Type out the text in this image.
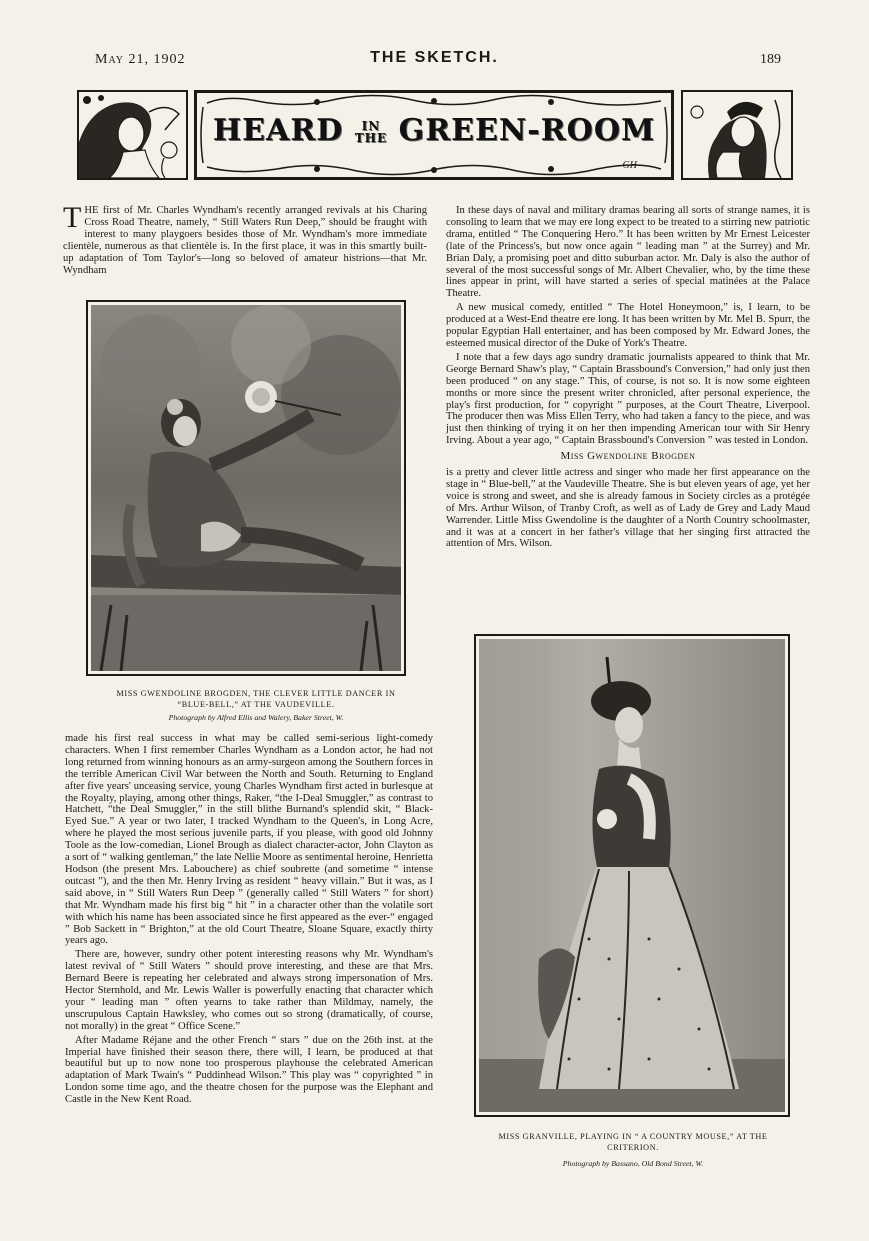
May 21, 1902	THE SKETCH.	189
HEARD IN
THE GREEN-ROOM
GH

THE first of Mr. Charles Wyndham's recently arranged revivals at his Charing Cross Road Theatre, namely, “ Still Waters Run Deep,” should be fraught with interest to many playgoers besides those of Mr. Wyndham's more immediate clientèle, numerous as that clientèle is. In the first place, it was in this smartly built-up adaptation of Tom Taylor's—long so beloved of amateur histrions—that Mr. Wyndham

MISS GWENDOLINE BROGDEN, THE CLEVER LITTLE DANCER IN
“BLUE-BELL,” AT THE VAUDEVILLE.
Photograph by Alfred Ellis and Walery, Baker Street, W.

made his first real success in what may be called semi-serious light-comedy characters. When I first remember Charles Wyndham as a London actor, he had not long returned from winning honours as an army-surgeon among the Southern forces in the terrible American Civil War between the North and South. Returning to England after five years' unceasing service, young Charles Wyndham first acted in burlesque at the Royalty, playing, among other things, Raker, “the I-Deal Smuggler,” as contrast to Hatchett, “the Deal Smuggler,” in the still blithe Burnand's splendid skit, “ Black-Eyed Sue.” A year or two later, I tracked Wyndham to the Queen's, in Long Acre, where he played the most serious juvenile parts, if you please, with good old Johnny Toole as the low-comedian, Lionel Brough as dialect character-actor, John Clayton as a sort of “ walking gentleman,” the late Nellie Moore as sentimental heroine, Henrietta Hodson (the present Mrs. Labouchere) as chief soubrette (and sometime “ intense outcast ”), and the then Mr. Henry Irving as resident “ heavy villain.” But it was, as I said above, in “ Still Waters Run Deep ” (generally called “ Still Waters ” for short) that Mr. Wyndham made his first big “ hit ” in a character other than the volatile sort with which his name has been associated since he first appeared as the ever-“ engaged ” Bob Sackett in “ Brighton,” at the old Court Theatre, Sloane Square, exactly thirty years ago.

There are, however, sundry other potent interesting reasons why Mr. Wyndham's latest revival of “ Still Waters ” should prove interesting, and these are that Mrs. Bernard Beere is repeating her celebrated and always strong impersonation of Mrs. Hector Sternhold, and Mr. Lewis Waller is powerfully enacting that character which your “ leading man ” often yearns to take rather than Mildmay, namely, the unscrupulous Captain Hawksley, who comes out so strong (dramatically, of course, not morally) in the great “ Office Scene.”

After Madame Réjane and the other French “ stars ” due on the 26th inst. at the Imperial have finished their season there, there will, I learn, be produced at that beautiful but up to now none too prosperous playhouse the celebrated American adaptation of Mark Twain's “ Puddinhead Wilson.” This play was “ copyrighted ” in London some time ago, and the theatre chosen for the purpose was the Elephant and Castle in the New Kent Road.

In these days of naval and military dramas bearing all sorts of strange names, it is consoling to learn that we may ere long expect to be treated to a stirring new patriotic drama, entitled “ The Conquering Hero.” It has been written by Mr Ernest Leicester (late of the Princess's, but now once again “ leading man ” at the Surrey) and Mr. Brian Daly, a promising poet and ditto suburban actor. Mr. Daly is also the author of several of the most successful songs of Mr. Albert Chevalier, who, by the time these lines appear in print, will have started a series of special matinées at the Palace Theatre.

A new musical comedy, entitled “ The Hotel Honeymoon,” is, I learn, to be produced at a West-End theatre ere long. It has been written by Mr. Mel B. Spurr, the popular Egyptian Hall entertainer, and has been composed by Mr. Edward Jones, the esteemed musical director of the Duke of York's Theatre.

I note that a few days ago sundry dramatic journalists appeared to think that Mr. George Bernard Shaw's play, “ Captain Brassbound's Conversion,” had only just then been produced “ on any stage.” This, of course, is not so. It is now some eighteen months or more since the present writer chronicled, after personal experience, the play's first production, for “ copyright ” purposes, at the Court Theatre, Liverpool. The producer then was Miss Ellen Terry, who had taken a fancy to the piece, and was just then thinking of trying it on her then impending American tour with Sir Henry Irving. About a year ago, “ Captain Brassbound's Conversion ” was tested in London.

Miss Gwendoline Brogden

is a pretty and clever little actress and singer who made her first appearance on the stage in “ Blue-bell,” at the Vaudeville Theatre. She is but eleven years of age, yet her voice is strong and sweet, and she is already famous in Society circles as a protégée of Mrs. Arthur Wilson, of Tranby Croft, as well as of Lady de Grey and Lady Maud Warrender. Little Miss Gwendoline is the daughter of a North Country schoolmaster, and it was at a concert in her father's village that her singing first attracted the attention of Mrs. Wilson.

MISS GRANVILLE, PLAYING IN “ A COUNTRY MOUSE,” AT THE
CRITERION.
Photograph by Bassano, Old Bond Street, W.
